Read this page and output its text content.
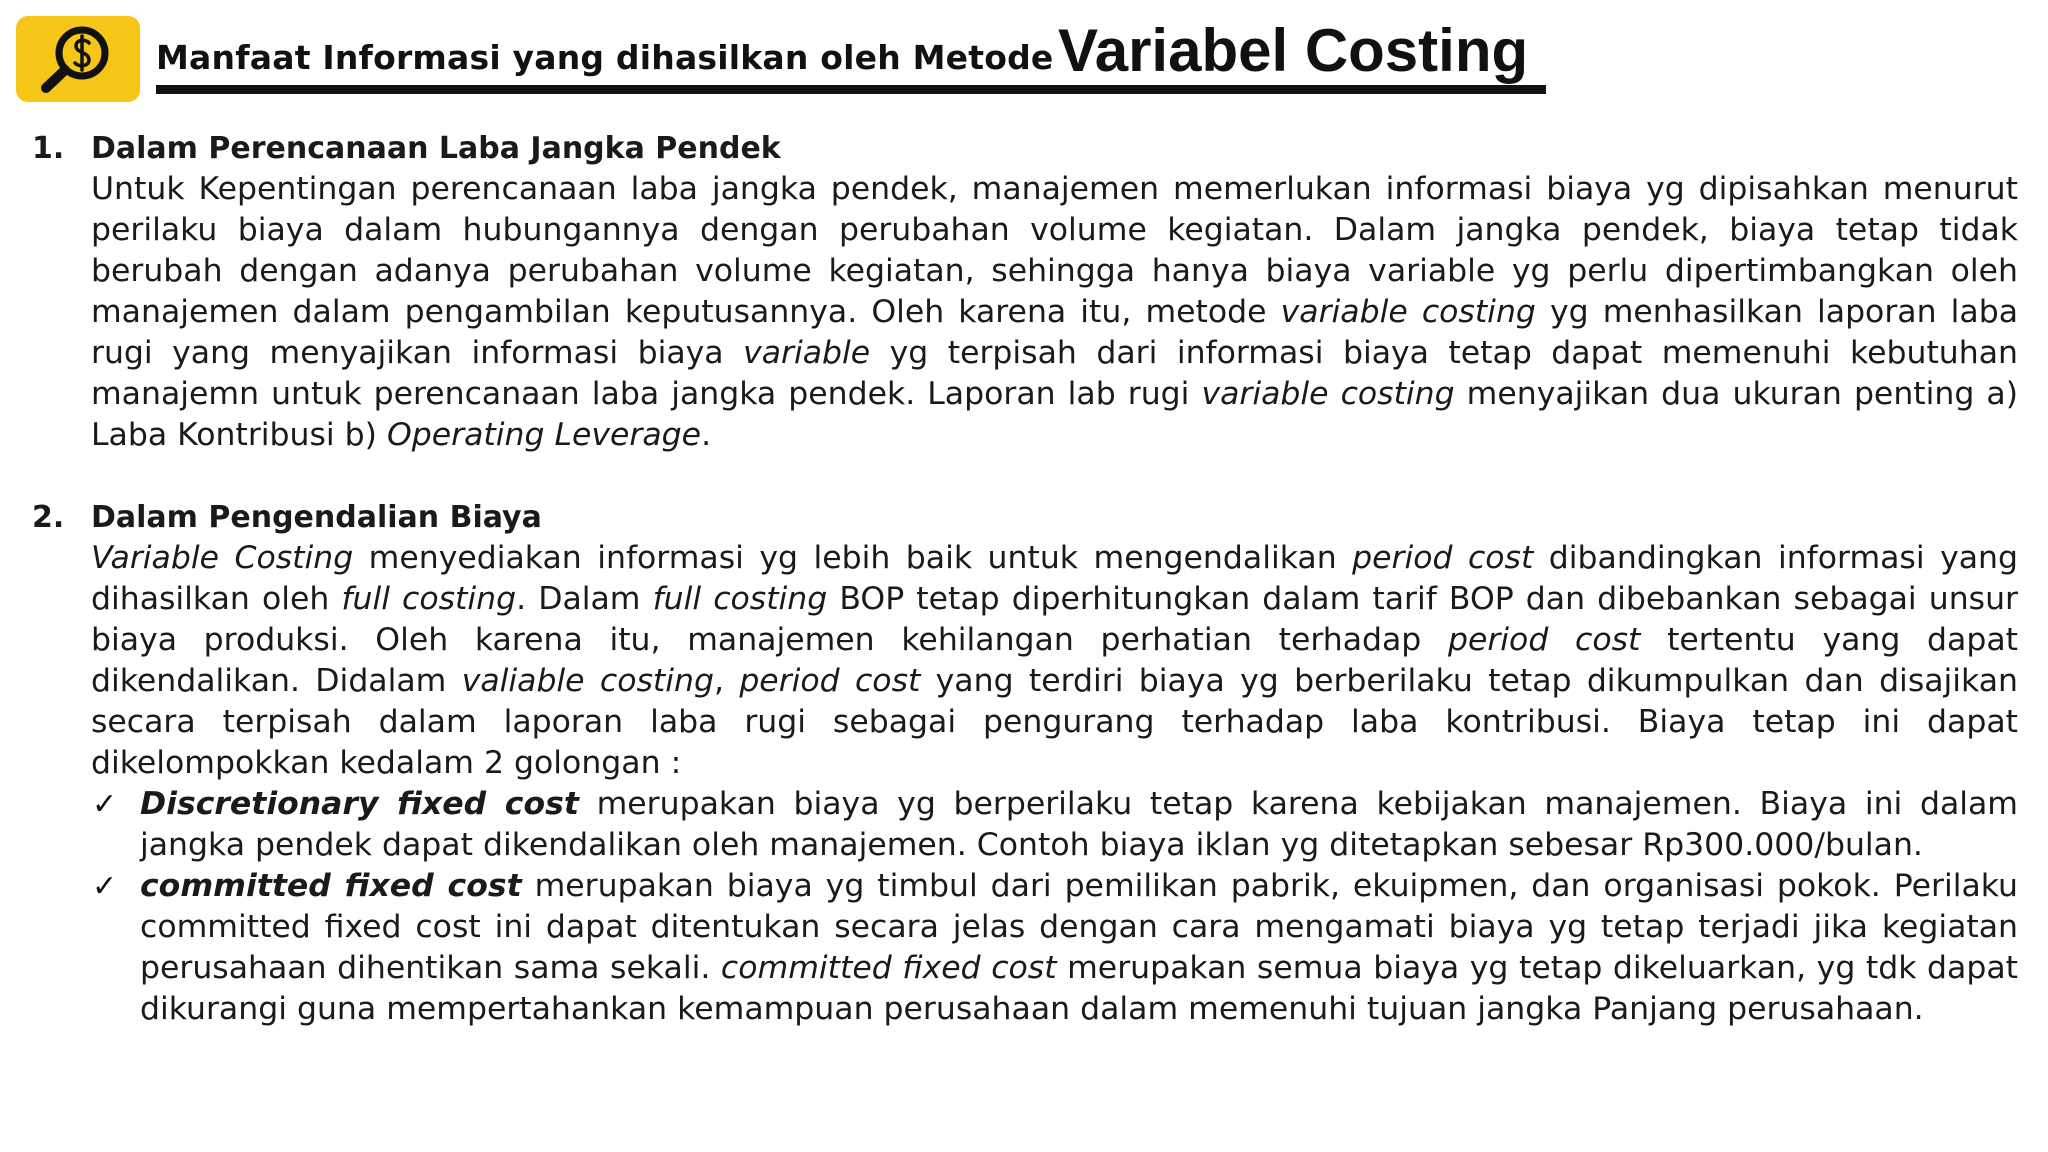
Manfaat Informasi yang dihasilkan oleh Metode Variabel Costing
1. Dalam Perencanaan Laba Jangka Pendek
Untuk Kepentingan perencanaan laba jangka pendek, manajemen memerlukan informasi biaya yg dipisahkan menurut perilaku biaya dalam hubungannya dengan perubahan volume kegiatan. Dalam jangka pendek, biaya tetap tidak berubah dengan adanya perubahan volume kegiatan, sehingga hanya biaya variable yg perlu dipertimbangkan oleh manajemen dalam pengambilan keputusannya. Oleh karena itu, metode variable costing yg menhasilkan laporan laba rugi yang menyajikan informasi biaya variable yg terpisah dari informasi biaya tetap dapat memenuhi kebutuhan manajemn untuk perencanaan laba jangka pendek. Laporan lab rugi variable costing menyajikan dua ukuran penting a) Laba Kontribusi b) Operating Leverage.
2. Dalam Pengendalian Biaya
Variable Costing menyediakan informasi yg lebih baik untuk mengendalikan period cost dibandingkan informasi yang dihasilkan oleh full costing. Dalam full costing BOP tetap diperhitungkan dalam tarif BOP dan dibebankan sebagai unsur biaya produksi. Oleh karena itu, manajemen kehilangan perhatian terhadap period cost tertentu yang dapat dikendalikan. Didalam valiable costing, period cost yang terdiri biaya yg berberilaku tetap dikumpulkan dan disajikan secara terpisah dalam laporan laba rugi sebagai pengurang terhadap laba kontribusi. Biaya tetap ini dapat dikelompokkan kedalam 2 golongan :
✓ Discretionary fixed cost merupakan biaya yg berperilaku tetap karena kebijakan manajemen. Biaya ini dalam jangka pendek dapat dikendalikan oleh manajemen. Contoh biaya iklan yg ditetapkan sebesar Rp300.000/bulan.
✓ committed fixed cost merupakan biaya yg timbul dari pemilikan pabrik, ekuipmen, dan organisasi pokok. Perilaku committed fixed cost ini dapat ditentukan secara jelas dengan cara mengamati biaya yg tetap terjadi jika kegiatan perusahaan dihentikan sama sekali. committed fixed cost merupakan semua biaya yg tetap dikeluarkan, yg tdk dapat dikurangi guna mempertahankan kemampuan perusahaan dalam memenuhi tujuan jangka Panjang perusahaan.
